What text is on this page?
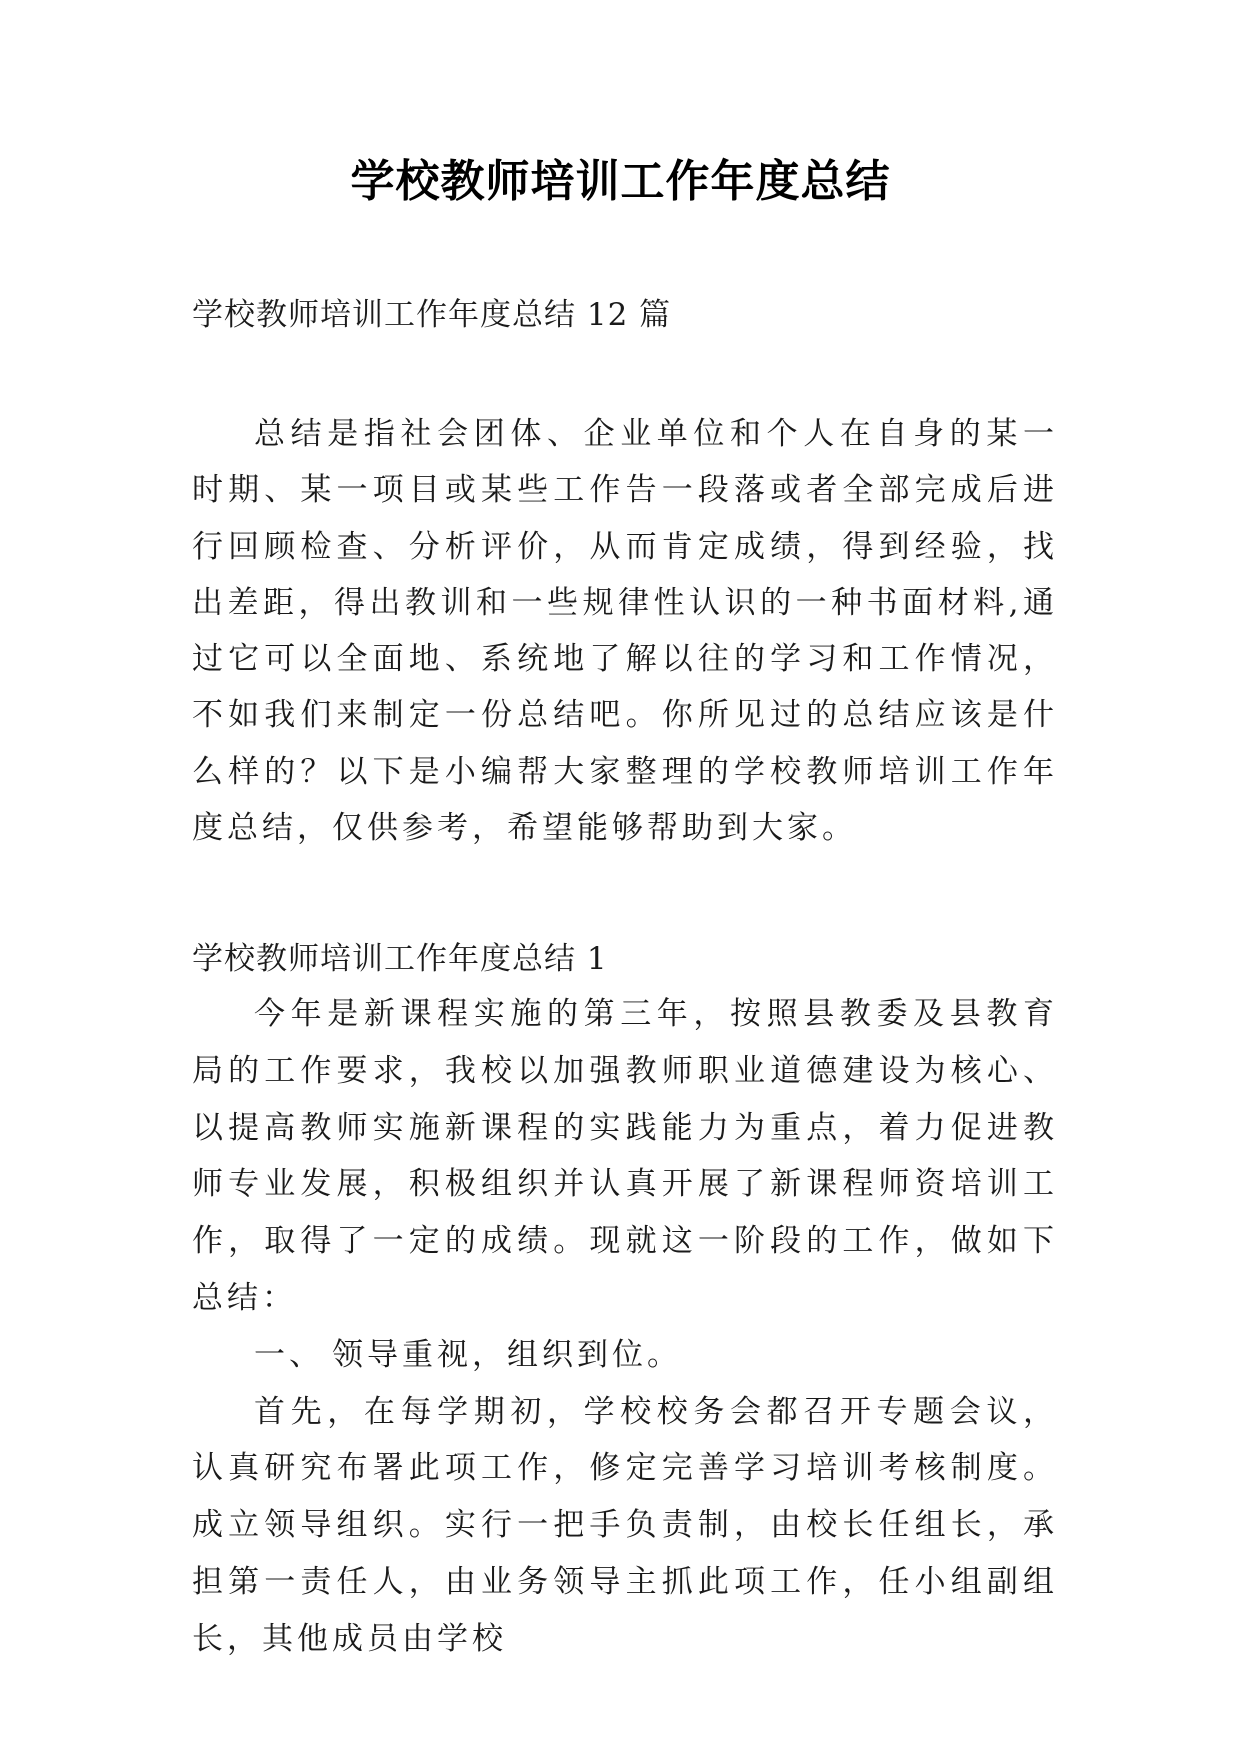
学校教师培训工作年度总结
学校教师培训工作年度总结 12 篇

总结是指社会团体、企业单位和个人在自身的某一时期、某一项目或某些工作告一段落或者全部完成后进行回顾检查、分析评价，从而肯定成绩，得到经验，找出差距，得出教训和一些规律性认识的一种书面材料,通过它可以全面地、系统地了解以往的学习和工作情况，不如我们来制定一份总结吧。你所见过的总结应该是什么样的？以下是小编帮大家整理的学校教师培训工作年度总结，仅供参考，希望能够帮助到大家。

学校教师培训工作年度总结 1

今年是新课程实施的第三年，按照县教委及县教育局的工作要求，我校以加强教师职业道德建设为核心、以提高教师实施新课程的实践能力为重点，着力促进教师专业发展，积极组织并认真开展了新课程师资培训工作，取得了一定的成绩。现就这一阶段的工作，做如下总结：

一、 领导重视，组织到位。

首先，在每学期初，学校校务会都召开专题会议，认真研究布署此项工作，修定完善学习培训考核制度。成立领导组织。实行一把手负责制，由校长任组长，承担第一责任人，由业务领导主抓此项工作，任小组副组长，其他成员由学校
